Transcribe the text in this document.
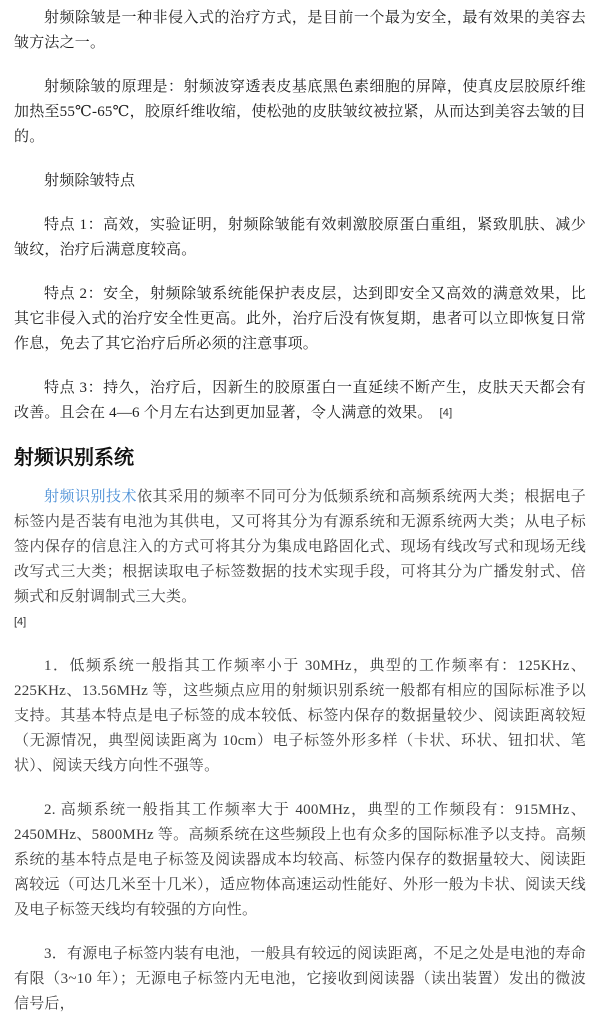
射频除皱是一种非侵入式的治疗方式，是目前一个最为安全，最有效果的美容去皱方法之一。

射频除皱的原理是：射频波穿透表皮基底黑色素细胞的屏障，使真皮层胶原纤维加热至55℃-65℃，胶原纤维收缩，使松弛的皮肤皱纹被拉紧，从而达到美容去皱的目的。

射频除皱特点

特点 1：高效，实验证明，射频除皱能有效刺激胶原蛋白重组，紧致肌肤、减少皱纹，治疗后满意度较高。

特点 2：安全，射频除皱系统能保护表皮层，达到即安全又高效的满意效果，比其它非侵入式的治疗安全性更高。此外，治疗后没有恢复期，患者可以立即恢复日常作息，免去了其它治疗后所必须的注意事项。

特点 3：持久，治疗后，因新生的胶原蛋白一直延续不断产生，皮肤天天都会有改善。且会在 4—6 个月左右达到更加显著，令人满意的效果。 [4]

射频识别系统

射频识别技术依其采用的频率不同可分为低频系统和高频系统两大类；根据电子标签内是否装有电池为其供电，又可将其分为有源系统和无源系统两大类；从电子标签内保存的信息注入的方式可将其分为集成电路固化式、现场有线改写式和现场无线改写式三大类；根据读取电子标签数据的技术实现手段，可将其分为广播发射式、倍频式和反射调制式三大类。

[4]

1．低频系统一般指其工作频率小于 30MHz，典型的工作频率有：125KHz、225KHz、13.56MHz 等，这些频点应用的射频识别系统一般都有相应的国际标准予以支持。其基本特点是电子标签的成本较低、标签内保存的数据量较少、阅读距离较短（无源情况，典型阅读距离为 10cm）电子标签外形多样（卡状、环状、钮扣状、笔状）、阅读天线方向性不强等。

2. 高频系统一般指其工作频率大于 400MHz，典型的工作频段有：915MHz、2450MHz、5800MHz 等。高频系统在这些频段上也有众多的国际标准予以支持。高频系统的基本特点是电子标签及阅读器成本均较高、标签内保存的数据量较大、阅读距离较远（可达几米至十几米），适应物体高速运动性能好、外形一般为卡状、阅读天线及电子标签天线均有较强的方向性。

3．有源电子标签内装有电池，一般具有较远的阅读距离，不足之处是电池的寿命有限（3~10 年）；无源电子标签内无电池，它接收到阅读器（读出装置）发出的微波信号后，
